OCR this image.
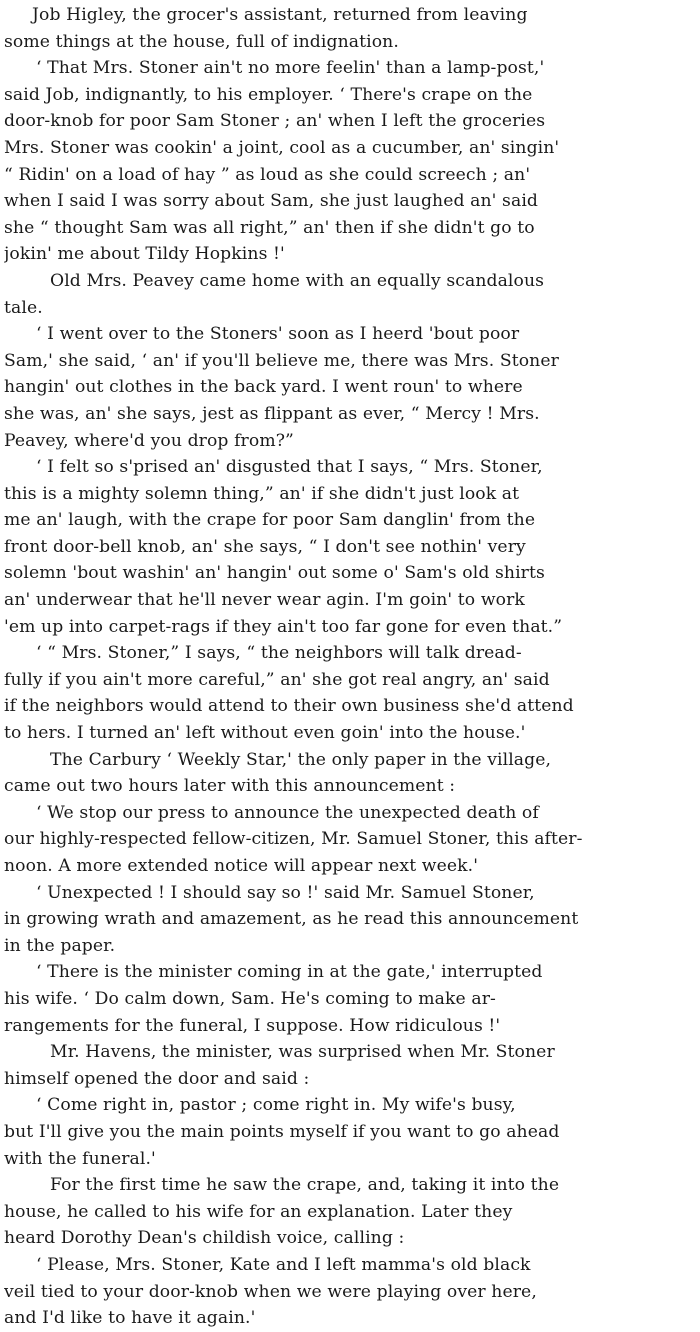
Job Higley, the grocer's assistant, returned from leaving
some things at the house, full of indignation.

‘ That Mrs. Stoner ain't no more feelin' than a lamp-post,'
said Job, indignantly, to his employer. ‘ There's crape on the
door-knob for poor Sam Stoner ; an' when I left the groceries
Mrs. Stoner was cookin' a joint, cool as a cucumber, an' singin'
“ Ridin' on a load of hay ” as loud as she could screech ; an'
when I said I was sorry about Sam, she just laughed an' said
she “ thought Sam was all right,” an' then if she didn't go to
jokin' me about Tildy Hopkins !'

Old Mrs. Peavey came home with an equally scandalous
tale.

‘ I went over to the Stoners' soon as I heerd 'bout poor
Sam,' she said, ‘ an' if you'll believe me, there was Mrs. Stoner
hangin' out clothes in the back yard. I went roun' to where
she was, an' she says, jest as flippant as ever, “ Mercy ! Mrs.
Peavey, where'd you drop from?”

‘ I felt so s'prised an' disgusted that I says, “ Mrs. Stoner,
this is a mighty solemn thing,” an' if she didn't just look at
me an' laugh, with the crape for poor Sam danglin' from the
front door-bell knob, an' she says, “ I don't see nothin' very
solemn 'bout washin' an' hangin' out some o' Sam's old shirts
an' underwear that he'll never wear agin. I'm goin' to work
'em up into carpet-rags if they ain't too far gone for even that.”

‘ “ Mrs. Stoner,” I says, “ the neighbors will talk dread-
fully if you ain't more careful,” an' she got real angry, an' said
if the neighbors would attend to their own business she'd attend
to hers. I turned an' left without even goin' into the house.'

The Carbury ‘ Weekly Star,' the only paper in the village,
came out two hours later with this announcement :

‘ We stop our press to announce the unexpected death of
our highly-respected fellow-citizen, Mr. Samuel Stoner, this after-
noon. A more extended notice will appear next week.'

‘ Unexpected ! I should say so !' said Mr. Samuel Stoner,
in growing wrath and amazement, as he read this announcement
in the paper.

‘ There is the minister coming in at the gate,' interrupted
his wife. ‘ Do calm down, Sam. He's coming to make ar-
rangements for the funeral, I suppose. How ridiculous !'

Mr. Havens, the minister, was surprised when Mr. Stoner
himself opened the door and said :

‘ Come right in, pastor ; come right in. My wife's busy,
but I'll give you the main points myself if you want to go ahead
with the funeral.'

For the first time he saw the crape, and, taking it into the
house, he called to his wife for an explanation. Later they
heard Dorothy Dean's childish voice, calling :

‘ Please, Mrs. Stoner, Kate and I left mamma's old black
veil tied to your door-knob when we were playing over here,
and I'd like to have it again.'
